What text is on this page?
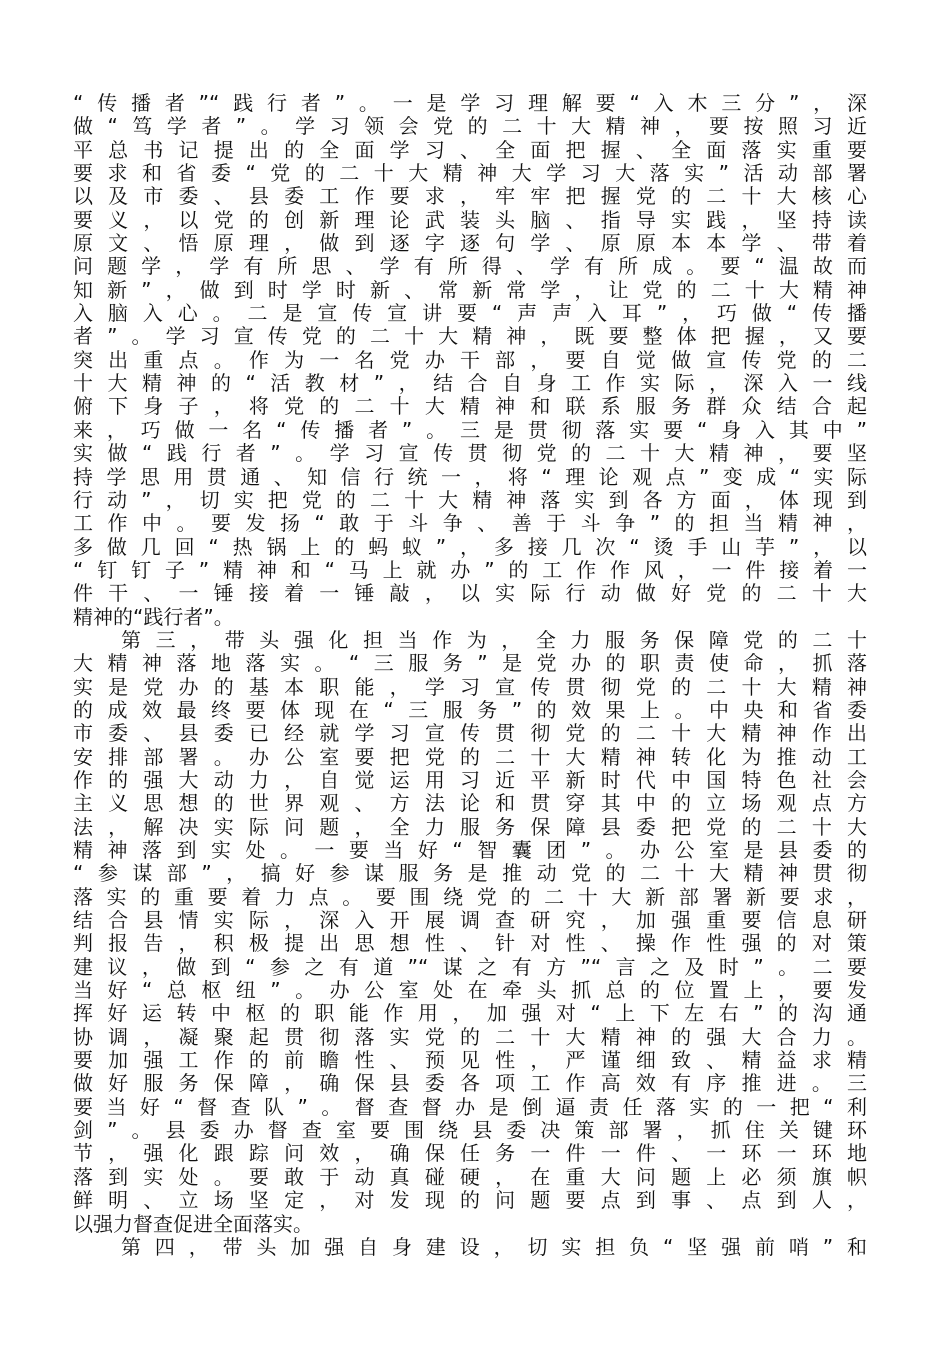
“传播者”“践行者”。一是学习理解要“入木三分”，深
做“笃学者”。学习领会党的二十大精神，要按照习近
平总书记提出的全面学习、全面把握、全面落实重要
要求和省委“党的二十大精神大学习大落实”活动部署
以及市委、县委工作要求，牢牢把握党的二十大核心
要义，以党的创新理论武装头脑、指导实践，坚持读
原文、悟原理，做到逐字逐句学、原原本本学、带着
问题学，学有所思、学有所得、学有所成。要“温故而
知新”，做到时学时新、常新常学，让党的二十大精神
入脑入心。二是宣传宣讲要“声声入耳”，巧做“传播
者”。学习宣传党的二十大精神，既要整体把握，又要
突出重点。作为一名党办干部，要自觉做宣传党的二
十大精神的“活教材”，结合自身工作实际，深入一线
俯下身子，将党的二十大精神和联系服务群众结合起
来，巧做一名“传播者”。三是贯彻落实要“身入其中”
实做“践行者”。学习宣传贯彻党的二十大精神，要坚
持学思用贯通、知信行统一，将“理论观点”变成“实际
行动”，切实把党的二十大精神落实到各方面，体现到
工作中。要发扬“敢于斗争、善于斗争”的担当精神，
多做几回“热锅上的蚂蚁”，多接几次“烫手山芋”，以
“钉钉子”精神和“马上就办”的工作作风，一件接着一
件干、一锤接着一锤敲，以实际行动做好党的二十大
精神的“践行者”。
第三，带头强化担当作为，全力服务保障党的二十
大精神落地落实。“三服务”是党办的职责使命，抓落
实是党办的基本职能，学习宣传贯彻党的二十大精神
的成效最终要体现在“三服务”的效果上。中央和省委
市委、县委已经就学习宣传贯彻党的二十大精神作出
安排部署。办公室要把党的二十大精神转化为推动工
作的强大动力，自觉运用习近平新时代中国特色社会
主义思想的世界观、方法论和贯穿其中的立场观点方
法，解决实际问题，全力服务保障县委把党的二十大
精神落到实处。一要当好“智囊团”。办公室是县委的
“参谋部”，搞好参谋服务是推动党的二十大精神贯彻
落实的重要着力点。要围绕党的二十大新部署新要求，
结合县情实际，深入开展调查研究，加强重要信息研
判报告，积极提出思想性、针对性、操作性强的对策
建议，做到“参之有道”“谋之有方”“言之及时”。二要
当好“总枢纽”。办公室处在牵头抓总的位置上，要发
挥好运转中枢的职能作用，加强对“上下左右”的沟通
协调，凝聚起贯彻落实党的二十大精神的强大合力。
要加强工作的前瞻性、预见性，严谨细致、精益求精
做好服务保障，确保县委各项工作高效有序推进。三
要当好“督查队”。督查督办是倒逼责任落实的一把“利
剑”。县委办督查室要围绕县委决策部署，抓住关键环
节，强化跟踪问效，确保任务一件一件、一环一环地
落到实处。要敢于动真碰硬，在重大问题上必须旗帜
鲜明、立场坚定，对发现的问题要点到事、点到人，
以强力督查促进全面落实。
第四，带头加强自身建设，切实担负“坚强前哨”和
